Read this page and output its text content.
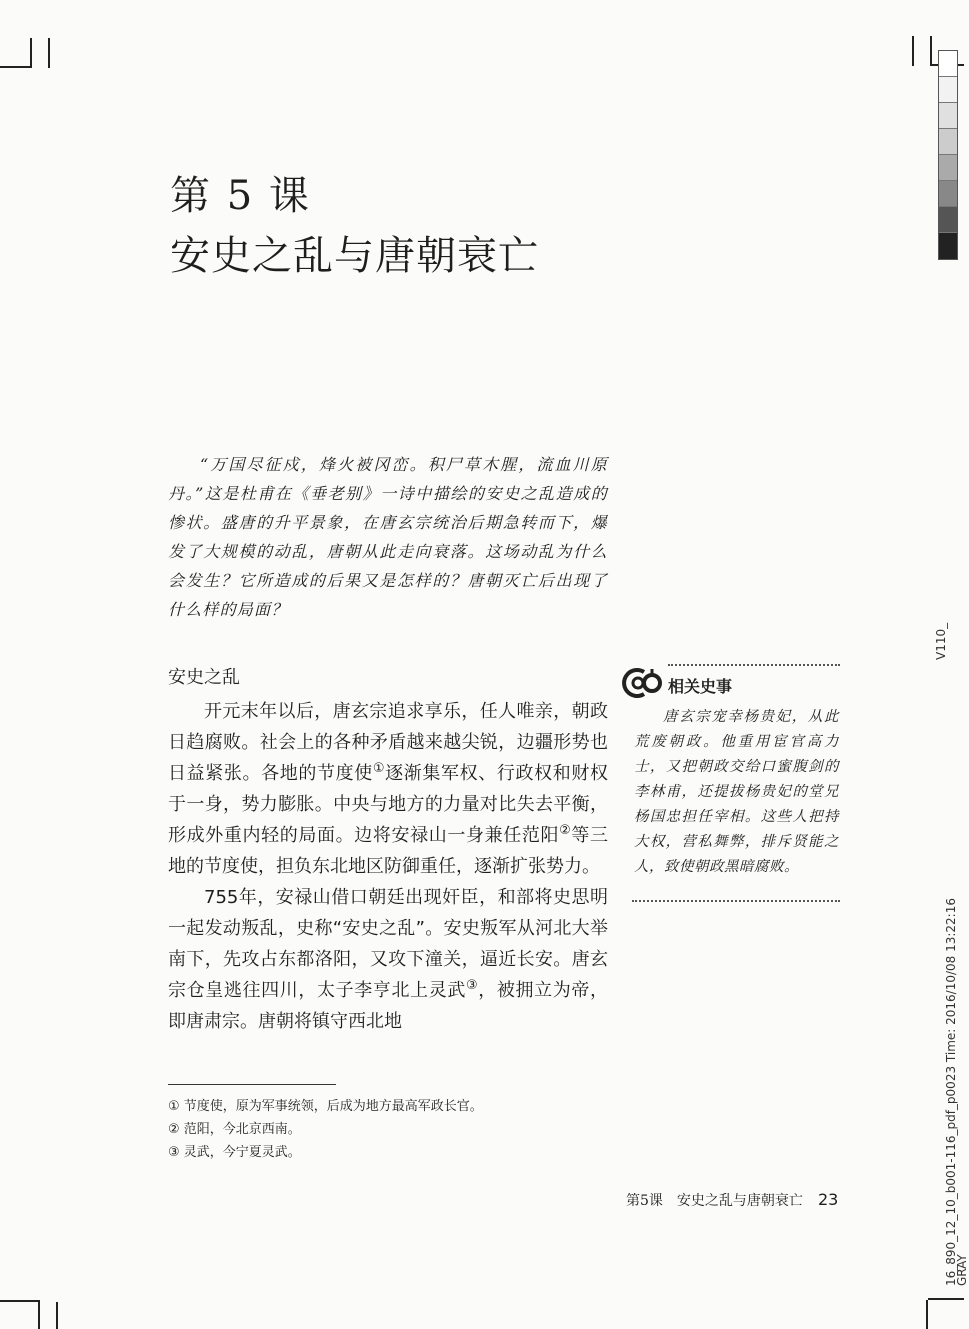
第 5 课
安史之乱与唐朝衰亡

“万国尽征戍，烽火被冈峦。积尸草木腥，流血川原丹。”这是杜甫在《垂老别》一诗中描绘的安史之乱造成的惨状。盛唐的升平景象，在唐玄宗统治后期急转而下，爆发了大规模的动乱，唐朝从此走向衰落。这场动乱为什么会发生？它所造成的后果又是怎样的？唐朝灭亡后出现了什么样的局面？

安史之乱

开元末年以后，唐玄宗追求享乐，任人唯亲，朝政日趋腐败。社会上的各种矛盾越来越尖锐，边疆形势也日益紧张。各地的节度使①逐渐集军权、行政权和财权于一身，势力膨胀。中央与地方的力量对比失去平衡，形成外重内轻的局面。边将安禄山一身兼任范阳②等三地的节度使，担负东北地区防御重任，逐渐扩张势力。

755年，安禄山借口朝廷出现奸臣，和部将史思明一起发动叛乱，史称“安史之乱”。安史叛军从河北大举南下，先攻占东都洛阳，又攻下潼关，逼近长安。唐玄宗仓皇逃往四川，太子李亨北上灵武③，被拥立为帝，即唐肃宗。唐朝将镇守西北地

① 节度使，原为军事统领，后成为地方最高军政长官。
② 范阳，今北京西南。
③ 灵武，今宁夏灵武。
相关史事

唐玄宗宠幸杨贵妃，从此荒废朝政。他重用宦官高力士，又把朝政交给口蜜腹剑的李林甫，还提拔杨贵妃的堂兄杨国忠担任宰相。这些人把持大权，营私舞弊，排斥贤能之人，致使朝政黑暗腐败。

第5课　安史之乱与唐朝衰亡 23
V110_
16_890_12_10_b001-116_pdf_p0023 Time: 2016/10/08 13:22:16
GRAY
